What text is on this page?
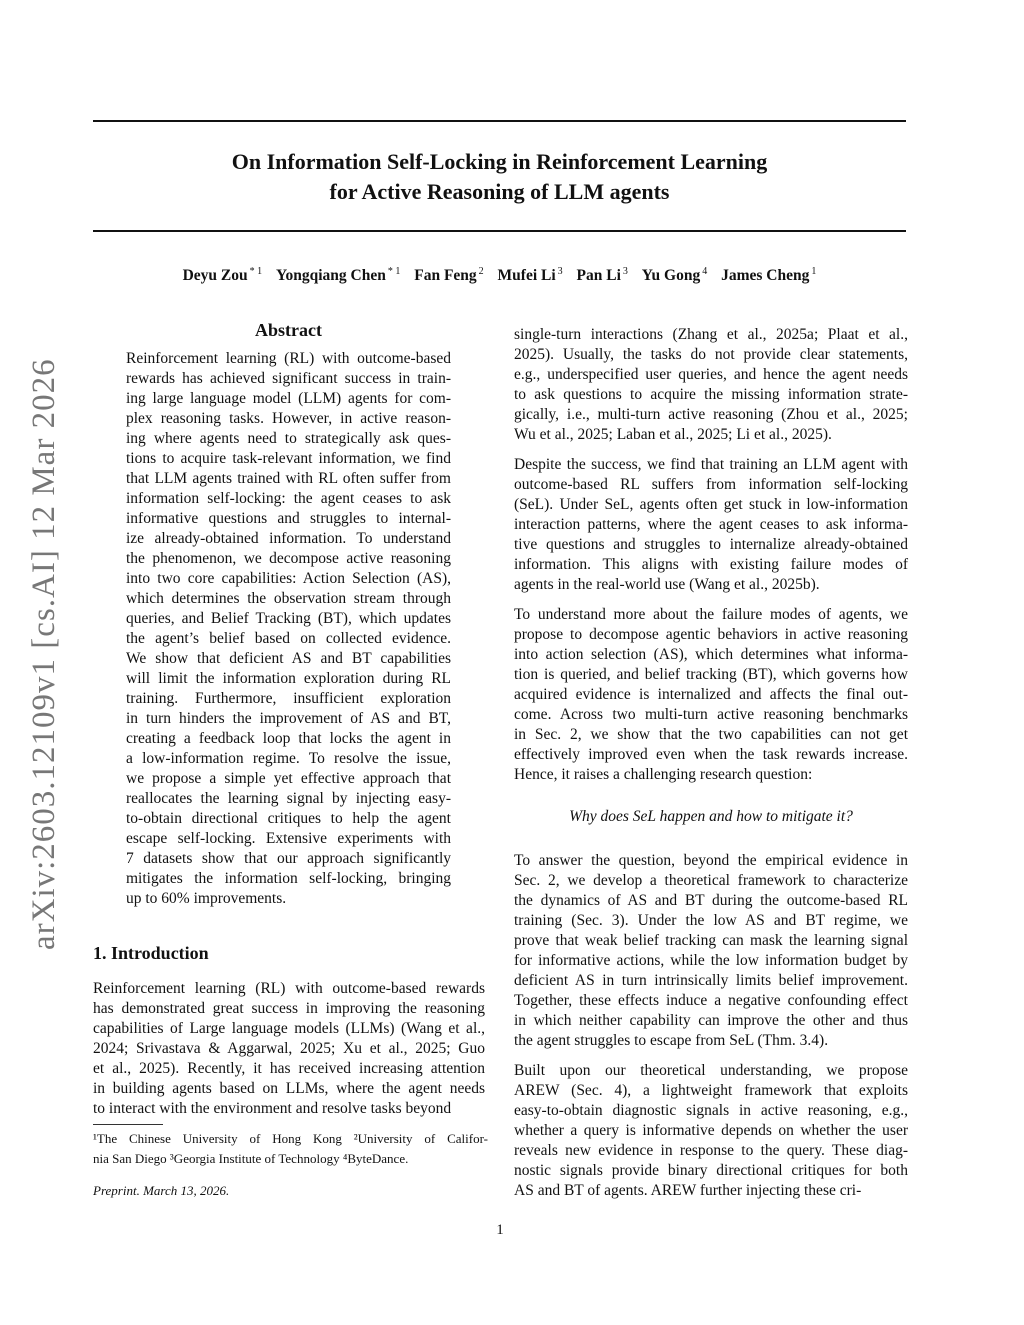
On Information Self-Locking in Reinforcement Learning
for Active Reasoning of LLM agents
Deyu Zou $^{* 1}$ Yongqiang Chen $^{* 1}$ Fan Feng $^2$ Mufei Li $^3$ Pan Li $^3$ Yu Gong $^4$ James Cheng $^1$
arXiv:2603.12109v1 [cs.AI] 12 Mar 2026
Abstract
Reinforcement learning (RL) with outcome-based
rewards has achieved significant success in train-
ing large language model (LLM) agents for com-
plex reasoning tasks. However, in active reason-
ing where agents need to strategically ask ques-
tions to acquire task-relevant information, we find
that LLM agents trained with RL often suffer from
information self-locking: the agent ceases to ask
informative questions and struggles to internal-
ize already-obtained information. To understand
the phenomenon, we decompose active reasoning
into two core capabilities: Action Selection (AS),
which determines the observation stream through
queries, and Belief Tracking (BT), which updates
the agent’s belief based on collected evidence.
We show that deficient AS and BT capabilities
will limit the information exploration during RL
training. Furthermore, insufficient exploration
in turn hinders the improvement of AS and BT,
creating a feedback loop that locks the agent in
a low-information regime. To resolve the issue,
we propose a simple yet effective approach that
reallocates the learning signal by injecting easy-
to-obtain directional critiques to help the agent
escape self-locking. Extensive experiments with
7 datasets show that our approach significantly
mitigates the information self-locking, bringing
up to 60% improvements.
1. Introduction
Reinforcement learning (RL) with outcome-based rewards
has demonstrated great success in improving the reasoning
capabilities of Large language models (LLMs) (Wang et al.,
2024; Srivastava & Aggarwal, 2025; Xu et al., 2025; Guo
et al., 2025). Recently, it has received increasing attention
in building agents based on LLMs, where the agent needs
to interact with the environment and resolve tasks beyond
¹The Chinese University of Hong Kong ²University of Califor-
nia San Diego ³Georgia Institute of Technology ⁴ByteDance.
Preprint. March 13, 2026.
single-turn interactions (Zhang et al., 2025a; Plaat et al.,
2025). Usually, the tasks do not provide clear statements,
e.g., underspecified user queries, and hence the agent needs
to ask questions to acquire the missing information strate-
gically, i.e., multi-turn active reasoning (Zhou et al., 2025;
Wu et al., 2025; Laban et al., 2025; Li et al., 2025).
Despite the success, we find that training an LLM agent with
outcome-based RL suffers from information self-locking
(SeL). Under SeL, agents often get stuck in low-information
interaction patterns, where the agent ceases to ask informa-
tive questions and struggles to internalize already-obtained
information. This aligns with existing failure modes of
agents in the real-world use (Wang et al., 2025b).
To understand more about the failure modes of agents, we
propose to decompose agentic behaviors in active reasoning
into action selection (AS), which determines what informa-
tion is queried, and belief tracking (BT), which governs how
acquired evidence is internalized and affects the final out-
come. Across two multi-turn active reasoning benchmarks
in Sec. 2, we show that the two capabilities can not get
effectively improved even when the task rewards increase.
Hence, it raises a challenging research question:
Why does SeL happen and how to mitigate it?
To answer the question, beyond the empirical evidence in
Sec. 2, we develop a theoretical framework to characterize
the dynamics of AS and BT during the outcome-based RL
training (Sec. 3). Under the low AS and BT regime, we
prove that weak belief tracking can mask the learning signal
for informative actions, while the low information budget by
deficient AS in turn intrinsically limits belief improvement.
Together, these effects induce a negative confounding effect
in which neither capability can improve the other and thus
the agent struggles to escape from SeL (Thm. 3.4).
Built upon our theoretical understanding, we propose
AREW (Sec. 4), a lightweight framework that exploits
easy-to-obtain diagnostic signals in active reasoning, e.g.,
whether a query is informative depends on whether the user
reveals new evidence in response to the query. These diag-
nostic signals provide binary directional critiques for both
AS and BT of agents. AREW further injecting these cri-
1
